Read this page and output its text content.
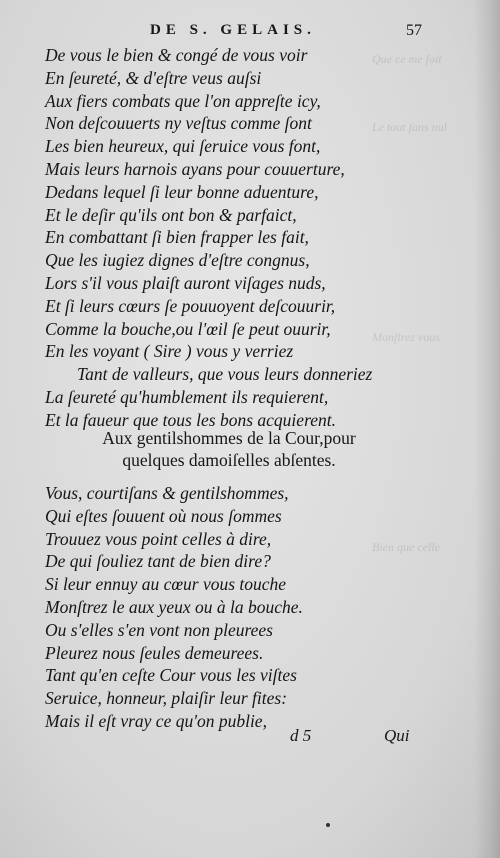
Que ce me ſoit
Le tout ſans nul
Monſtrez vous
Bien que celle
DE S. GELAIS.	57
De vous le bien & congé de vous voir
En ſeureté, & d'eſtre veus auſsi
Aux fiers combats que l'on appreſte icy,
Non deſcouuerts ny veſtus comme ſont
Les bien heureux, qui ſeruice vous font,
Mais leurs harnois ayans pour couuerture,
Dedans lequel ſi leur bonne aduenture,
Et le deſir qu'ils ont bon & parfaict,
En combattant ſi bien frapper les fait,
Que les iugiez dignes d'eſtre congnus,
Lors s'il vous plaiſt auront viſages nuds,
Et ſi leurs cœurs ſe pouuoyent deſcouurir,
Comme la bouche,ou l'œil ſe peut ouurir,
En les voyant ( Sire ) vous y verriez
Tant de valleurs, que vous leurs donneriez
La ſeureté qu'humblement ils requierent,
Et la faueur que tous les bons acquierent.
Aux gentilshommes de la Cour,pour
quelques damoiſelles abſentes.
Vous, courtiſans & gentilshommes,
Qui eſtes ſouuent où nous ſommes
Trouuez vous point celles à dire,
De qui ſouliez tant de bien dire?
Si leur ennuy au cœur vous touche
Monſtrez le aux yeux ou à la bouche.
Ou s'elles s'en vont non pleurees
Pleurez nous ſeules demeurees.
Tant qu'en ceſte Cour vous les viſtes
Seruice, honneur, plaiſir leur fites:
Mais il eſt vray ce qu'on publie,
d 5	Qui
